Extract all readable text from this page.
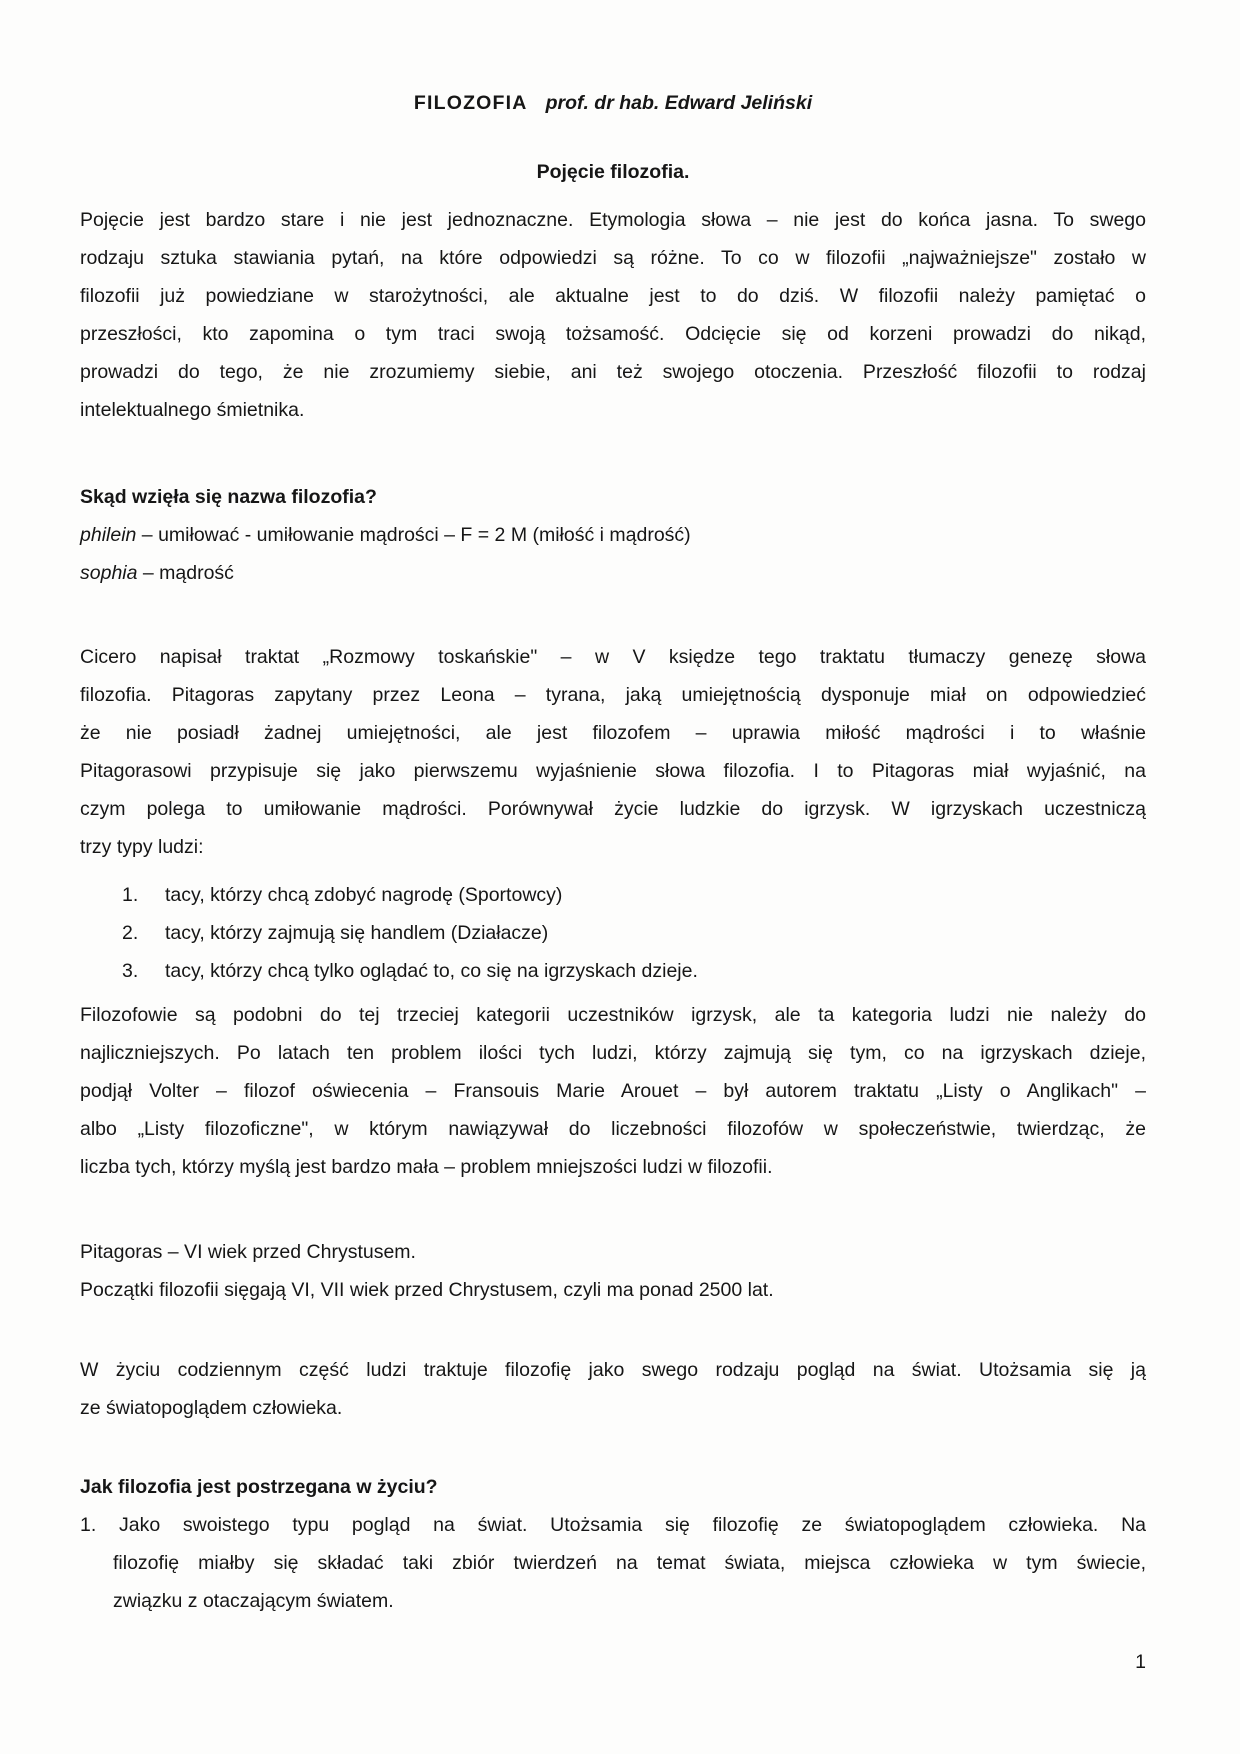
FILOZOFIA prof. dr hab. Edward Jeliński
Pojęcie filozofia.
Pojęcie jest bardzo stare i nie jest jednoznaczne. Etymologia słowa – nie jest do końca jasna. To swego
rodzaju sztuka stawiania pytań, na które odpowiedzi są różne. To co w filozofii „najważniejsze" zostało w
filozofii już powiedziane w starożytności, ale aktualne jest to do dziś. W filozofii należy pamiętać o
przeszłości, kto zapomina o tym traci swoją tożsamość. Odcięcie się od korzeni prowadzi do nikąd,
prowadzi do tego, że nie zrozumiemy siebie, ani też swojego otoczenia. Przeszłość filozofii to rodzaj
intelektualnego śmietnika.
Skąd wzięła się nazwa filozofia?
philein – umiłować - umiłowanie mądrości – F = 2 M (miłość i mądrość)
sophia – mądrość
Cicero napisał traktat „Rozmowy toskańskie" – w V księdze tego traktatu tłumaczy genezę słowa
filozofia. Pitagoras zapytany przez Leona – tyrana, jaką umiejętnością dysponuje miał on odpowiedzieć
że nie posiadł żadnej umiejętności, ale jest filozofem – uprawia miłość mądrości i to właśnie
Pitagorasowi przypisuje się jako pierwszemu wyjaśnienie słowa filozofia. I to Pitagoras miał wyjaśnić, na
czym polega to umiłowanie mądrości. Porównywał życie ludzkie do igrzysk. W igrzyskach uczestniczą
trzy typy ludzi:
1. tacy, którzy chcą zdobyć nagrodę (Sportowcy)
2. tacy, którzy zajmują się handlem (Działacze)
3. tacy, którzy chcą tylko oglądać to, co się na igrzyskach dzieje.
Filozofowie są podobni do tej trzeciej kategorii uczestników igrzysk, ale ta kategoria ludzi nie należy do
najliczniejszych. Po latach ten problem ilości tych ludzi, którzy zajmują się tym, co na igrzyskach dzieje,
podjął Volter – filozof oświecenia – Fransouis Marie Arouet – był autorem traktatu „Listy o Anglikach" –
albo „Listy filozoficzne", w którym nawiązywał do liczebności filozofów w społeczeństwie, twierdząc, że
liczba tych, którzy myślą jest bardzo mała – problem mniejszości ludzi w filozofii.
Pitagoras – VI wiek przed Chrystusem.
Początki filozofii sięgają VI, VII wiek przed Chrystusem, czyli ma ponad 2500 lat.
W życiu codziennym część ludzi traktuje filozofię jako swego rodzaju pogląd na świat. Utożsamia się ją
ze światopoglądem człowieka.
Jak filozofia jest postrzegana w życiu?
1. Jako swoistego typu pogląd na świat. Utożsamia się filozofię ze światopoglądem człowieka. Na
filozofię miałby się składać taki zbiór twierdzeń na temat świata, miejsca człowieka w tym świecie,
związku z otaczającym światem.
1
